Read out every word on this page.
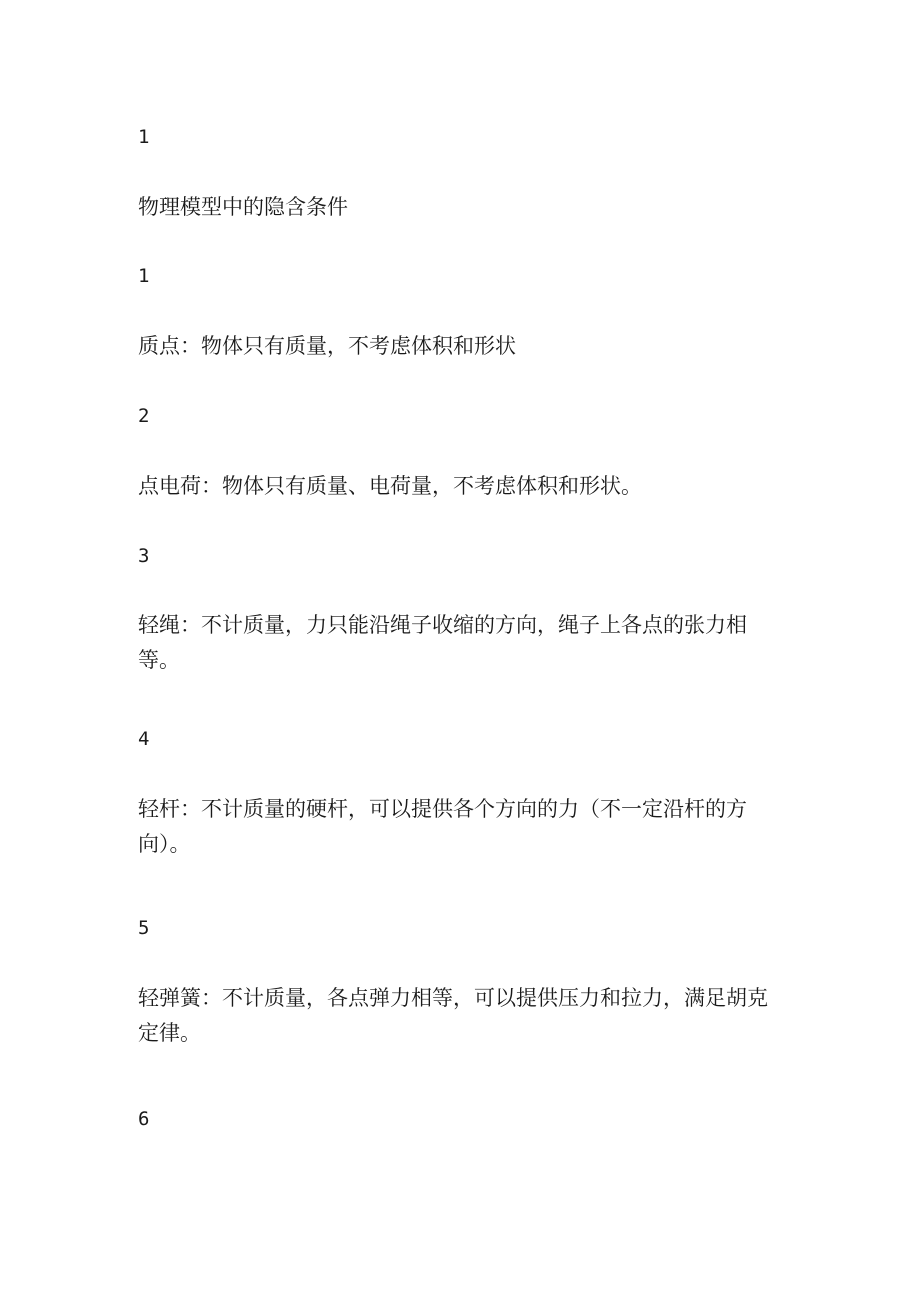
1
物理模型中的隐含条件
1
质点：物体只有质量，不考虑体积和形状
2
点电荷：物体只有质量、电荷量，不考虑体积和形状。
3
轻绳：不计质量，力只能沿绳子收缩的方向，绳子上各点的张力相等。
4
轻杆：不计质量的硬杆，可以提供各个方向的力（不一定沿杆的方向）。
5
轻弹簧：不计质量，各点弹力相等，可以提供压力和拉力，满足胡克定律。
6
